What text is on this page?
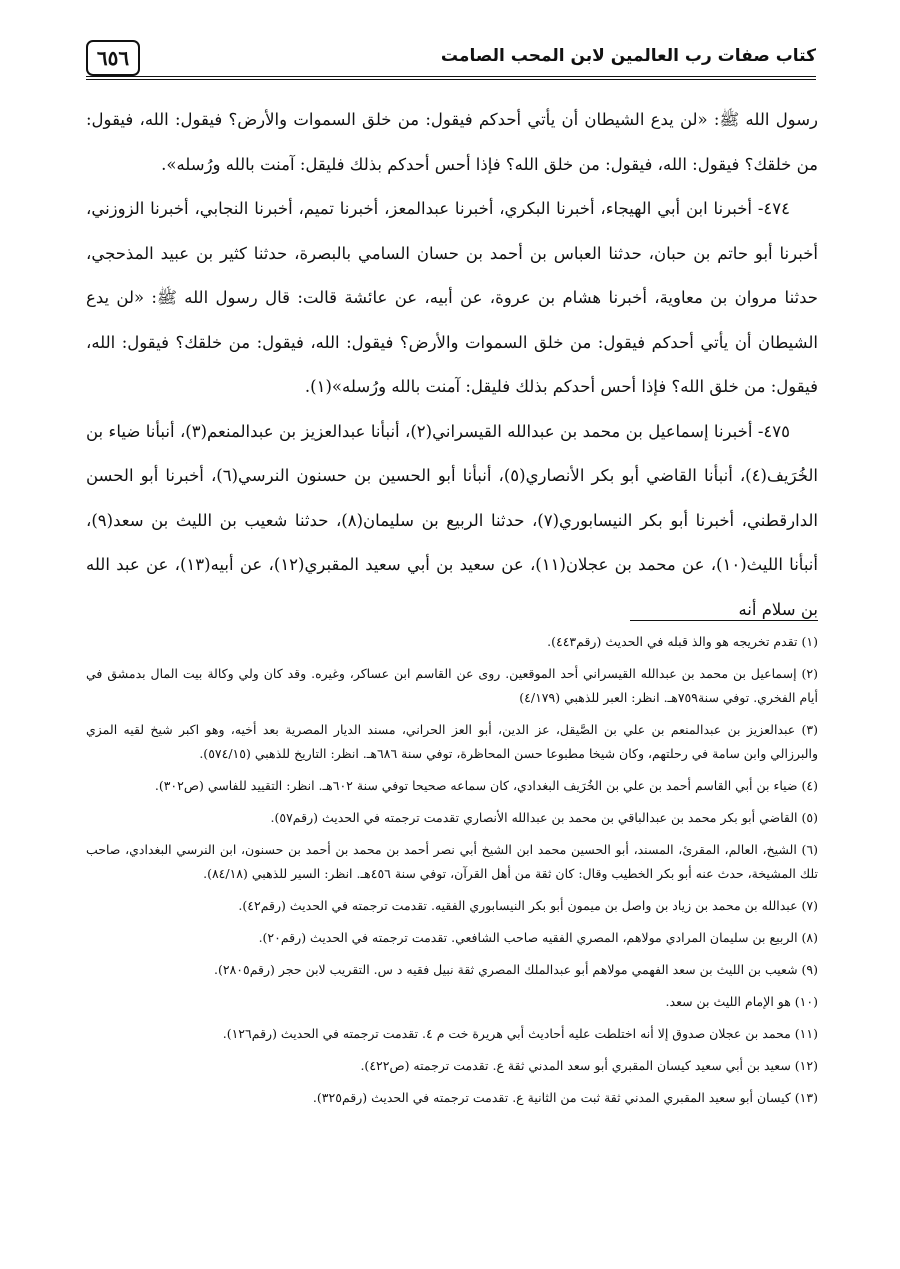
٦٥٦	كتاب صفات رب العالمين لابن المحب الصامت

رسول الله ﷺ: «لن يدع الشيطان أن يأتي أحدكم فيقول: من خلق السموات والأرض؟ فيقول: الله، فيقول: من خلقك؟ فيقول: الله، فيقول: من خلق الله؟ فإذا أحس أحدكم بذلك فليقل: آمنت بالله ورُسله».

٤٧٤- أخبرنا ابن أبي الهيجاء، أخبرنا البكري، أخبرنا عبدالمعز، أخبرنا تميم، أخبرنا النجابي، أخبرنا الزوزني، أخبرنا أبو حاتم بن حبان، حدثنا العباس بن أحمد بن حسان السامي بالبصرة، حدثنا كثير بن عبيد المذحجي، حدثنا مروان بن معاوية، أخبرنا هشام بن عروة، عن أبيه، عن عائشة قالت: قال رسول الله ﷺ: «لن يدع الشيطان أن يأتي أحدكم فيقول: من خلق السموات والأرض؟ فيقول: الله، فيقول: من خلقك؟ فيقول: الله، فيقول: من خلق الله؟ فإذا أحس أحدكم بذلك فليقل: آمنت بالله ورُسله»(١).

٤٧٥- أخبرنا إسماعيل بن محمد بن عبدالله القيسراني(٢)، أنبأنا عبدالعزيز بن عبدالمنعم(٣)، أنبأنا ضياء بن الخُرَيف(٤)، أنبأنا القاضي أبو بكر الأنصاري(٥)، أنبأنا أبو الحسين بن حسنون النرسي(٦)، أخبرنا أبو الحسن الدارقطني، أخبرنا أبو بكر النيسابوري(٧)، حدثنا الربيع بن سليمان(٨)، حدثنا شعيب بن الليث بن سعد(٩)، أنبأنا الليث(١٠)، عن محمد بن عجلان(١١)، عن سعيد بن أبي سعيد المقبري(١٢)، عن أبيه(١٣)، عن عبد الله بن سلام أنه

(١) تقدم تخريجه هو والذ قبله في الحديث (رقم٤٤٣).

(٢) إسماعيل بن محمد بن عبدالله القيسراني أحد الموقعين. روى عن القاسم ابن عساكر، وغيره. وقد كان ولي وكالة بيت المال بدمشق في أيام الفخري. توفي سنة٧٥٩هـ. انظر: العبر للذهبي (٤/١٧٩)

(٣) عبدالعزيز بن عبدالمنعم بن علي بن الصَّيقل، عز الدين، أبو العز الحراني، مسند الديار المصرية بعد أخيه، وهو اكبر شيخ لقيه المزي والبرزالي وابن سامة في رحلتهم، وكان شيخا مطبوعا حسن المحاظرة، توفي سنة ٦٨٦هـ. انظر: التاريخ للذهبي (٥٧٤/١٥).

(٤) ضياء بن أبي القاسم أحمد بن علي بن الخُرَيف البغدادي، كان سماعه صحيحا توفي سنة ٦٠٢هـ. انظر: التقييد للفاسي (ص٣٠٢).

(٥) القاضي أبو بكر محمد بن عبدالباقي بن محمد بن عبدالله الأنصاري تقدمت ترجمته في الحديث (رقم٥٧).

(٦) الشيخ، العالم، المقرئ، المسند، أبو الحسين محمد ابن الشيخ أبي نصر أحمد بن محمد بن أحمد بن حسنون، ابن النرسي البغدادي، صاحب تلك المشيخة، حدث عنه أبو بكر الخطيب وقال: كان ثقة من أهل القرآن، توفي سنة ٤٥٦هـ. انظر: السير للذهبي (٨٤/١٨).

(٧) عبدالله بن محمد بن زياد بن واصل بن ميمون أبو بكر النيسابوري الفقيه. تقدمت ترجمته في الحديث (رقم٤٢).

(٨) الربيع بن سليمان المرادي مولاهم، المصري الفقيه صاحب الشافعي. تقدمت ترجمته في الحديث (رقم٢٠).

(٩) شعيب بن الليث بن سعد الفهمي مولاهم أبو عبدالملك المصري ثقة نبيل فقيه د س. التقريب لابن حجر (رقم٢٨٠٥).

(١٠) هو الإمام الليث بن سعد.

(١١) محمد بن عجلان صدوق إلا أنه اختلطت عليه أحاديث أبي هريرة خت م ٤. تقدمت ترجمته في الحديث (رقم١٢٦).

(١٢) سعيد بن أبي سعيد كيسان المقبري أبو سعد المدني ثقة ع. تقدمت ترجمته (ص٤٢٢).

(١٣) كيسان أبو سعيد المقبري المدني ثقة ثبت من الثانية ع. تقدمت ترجمته في الحديث (رقم٣٢٥).
